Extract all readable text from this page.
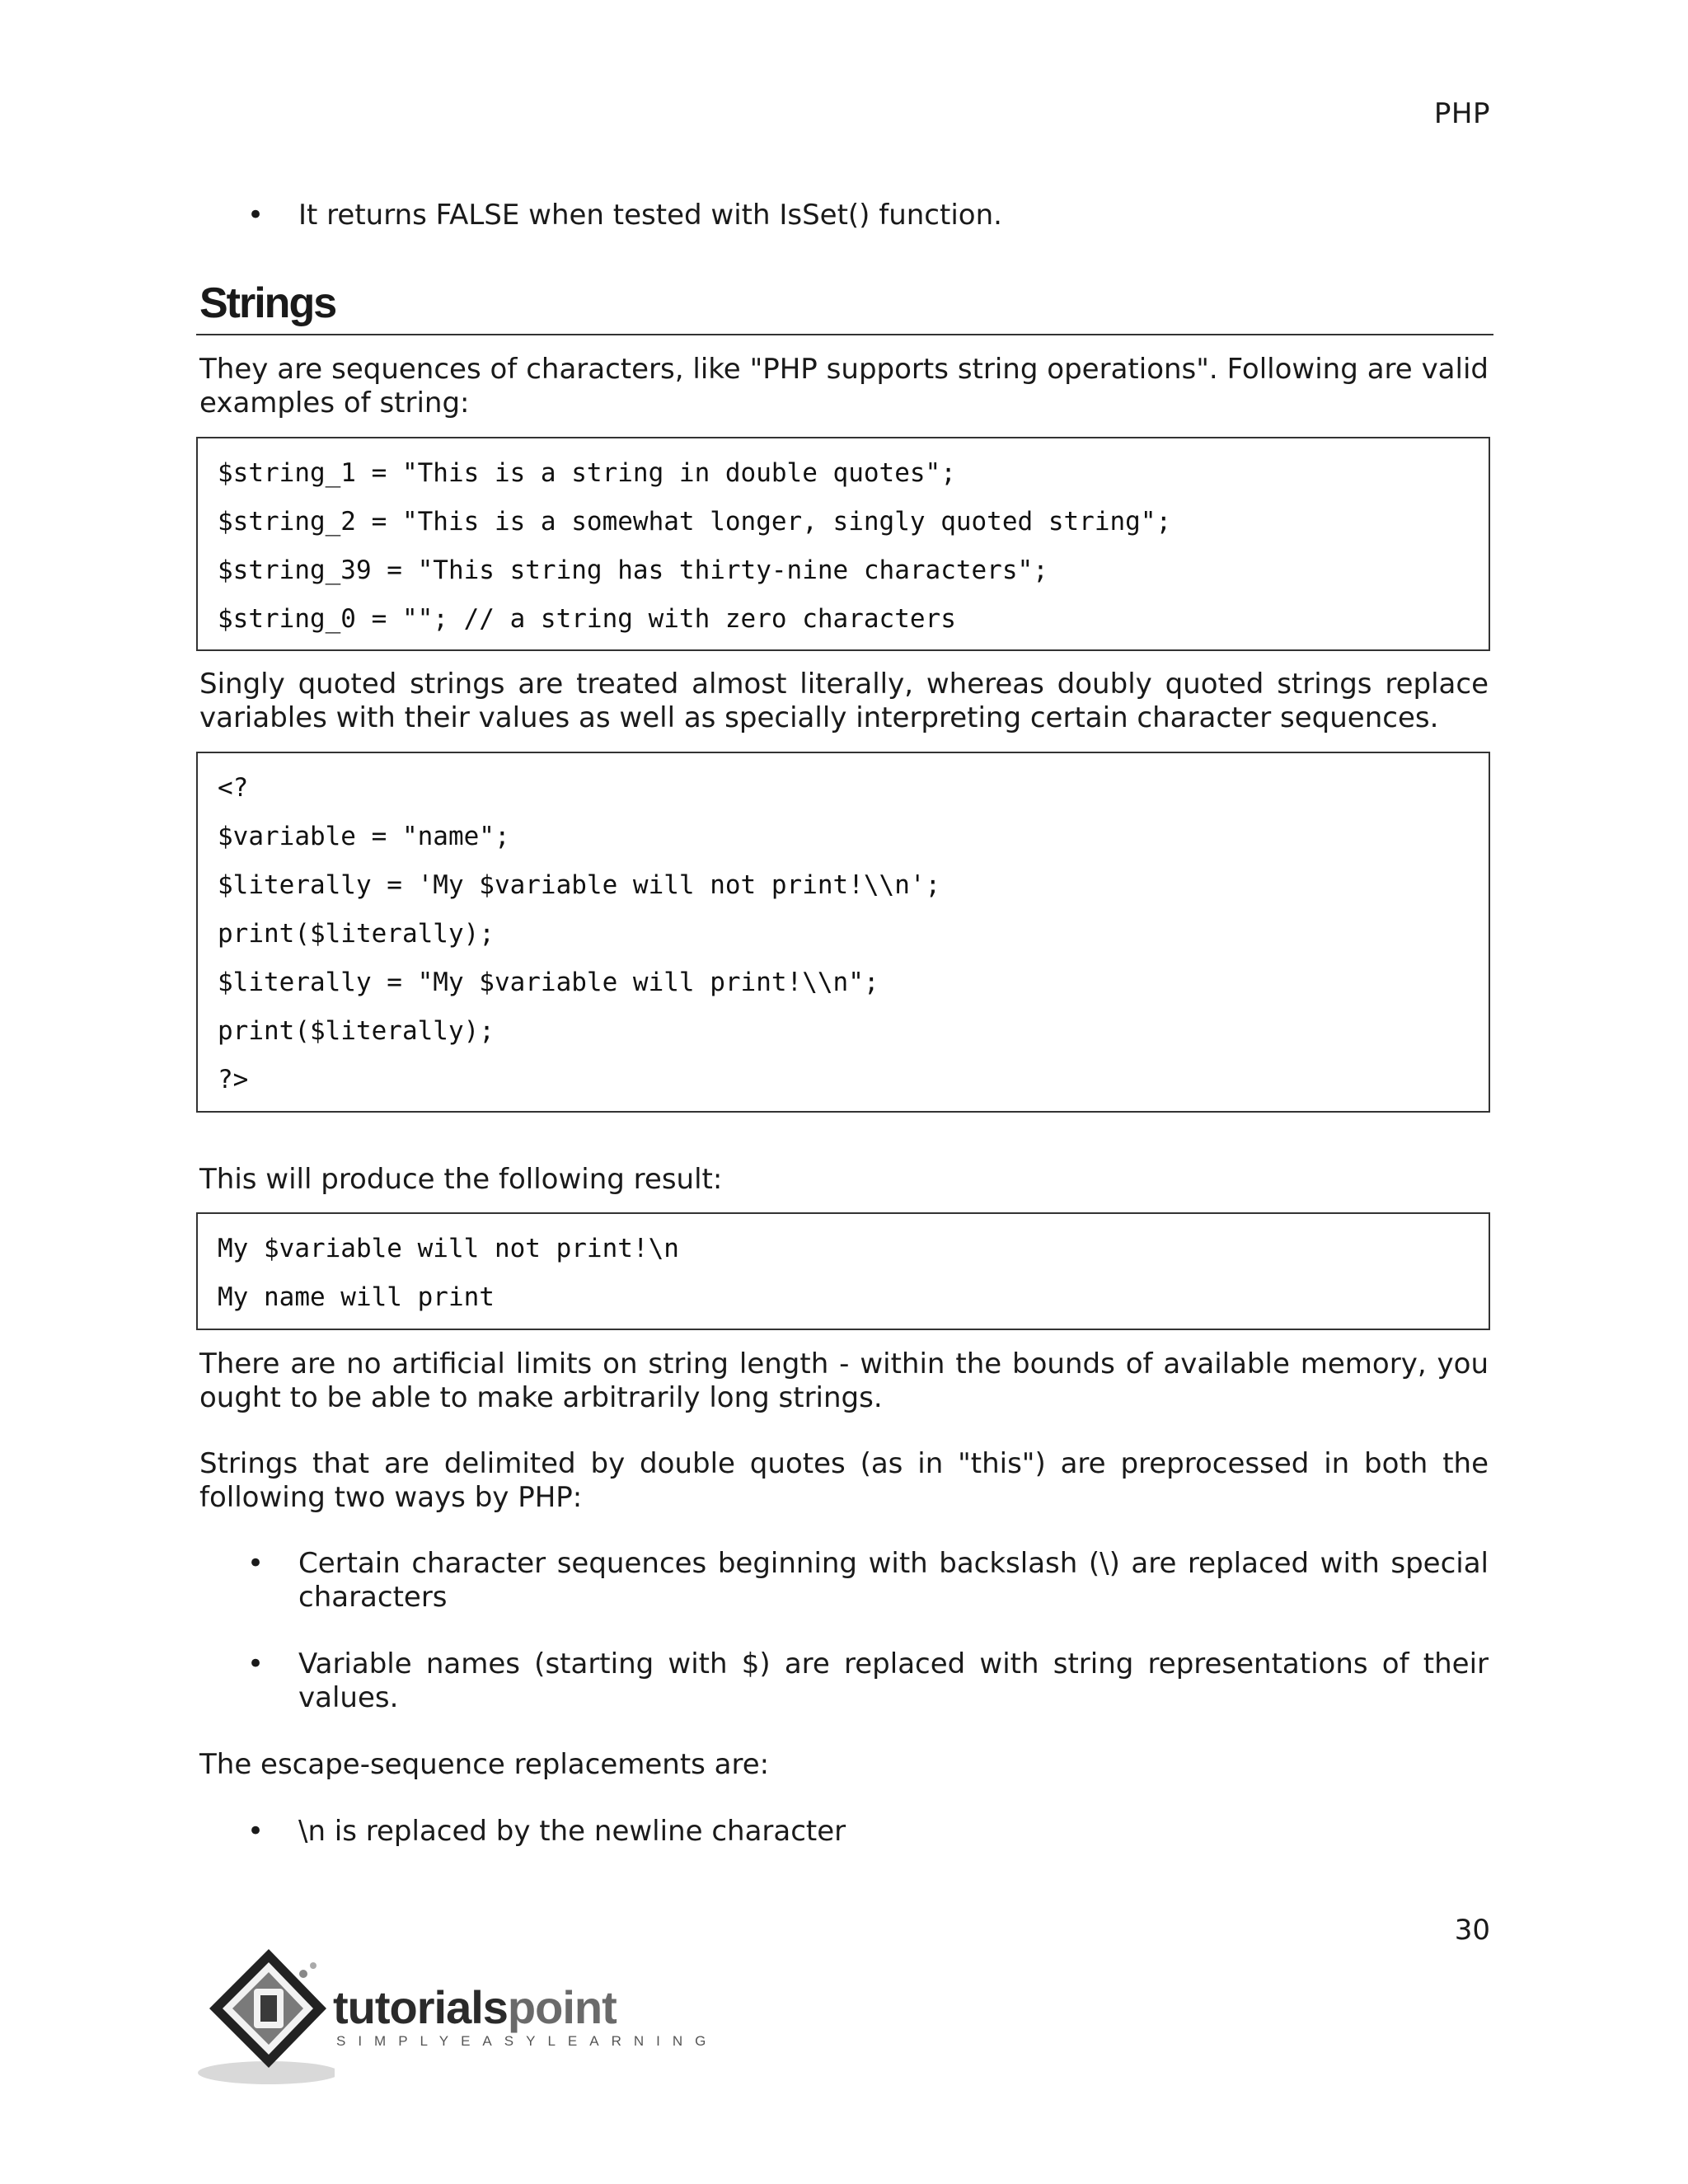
PHP
•	It returns FALSE when tested with IsSet() function.
Strings
They are sequences of characters, like "PHP supports string operations". Following are valid examples of string:
$string_1 = "This is a string in double quotes";
$string_2 = "This is a somewhat longer, singly quoted string";
$string_39 = "This string has thirty-nine characters";
$string_0 = ""; // a string with zero characters
Singly quoted strings are treated almost literally, whereas doubly quoted strings replace variables with their values as well as specially interpreting certain character sequences.
<?
$variable = "name";
$literally = 'My $variable will not print!\\n';
print($literally);
$literally = "My $variable will print!\\n";
print($literally);
?>
This will produce the following result:
My $variable will not print!\n
My name will print
There are no artificial limits on string length - within the bounds of available memory, you ought to be able to make arbitrarily long strings.
Strings that are delimited by double quotes (as in "this") are preprocessed in both the following two ways by PHP:
•	Certain character sequences beginning with backslash (\) are replaced with special characters
•	Variable names (starting with $) are replaced with string representations of their values.
The escape-sequence replacements are:
•	\n is replaced by the newline character
30
tutorialspoint
SIMPLYEASYLEARNING
